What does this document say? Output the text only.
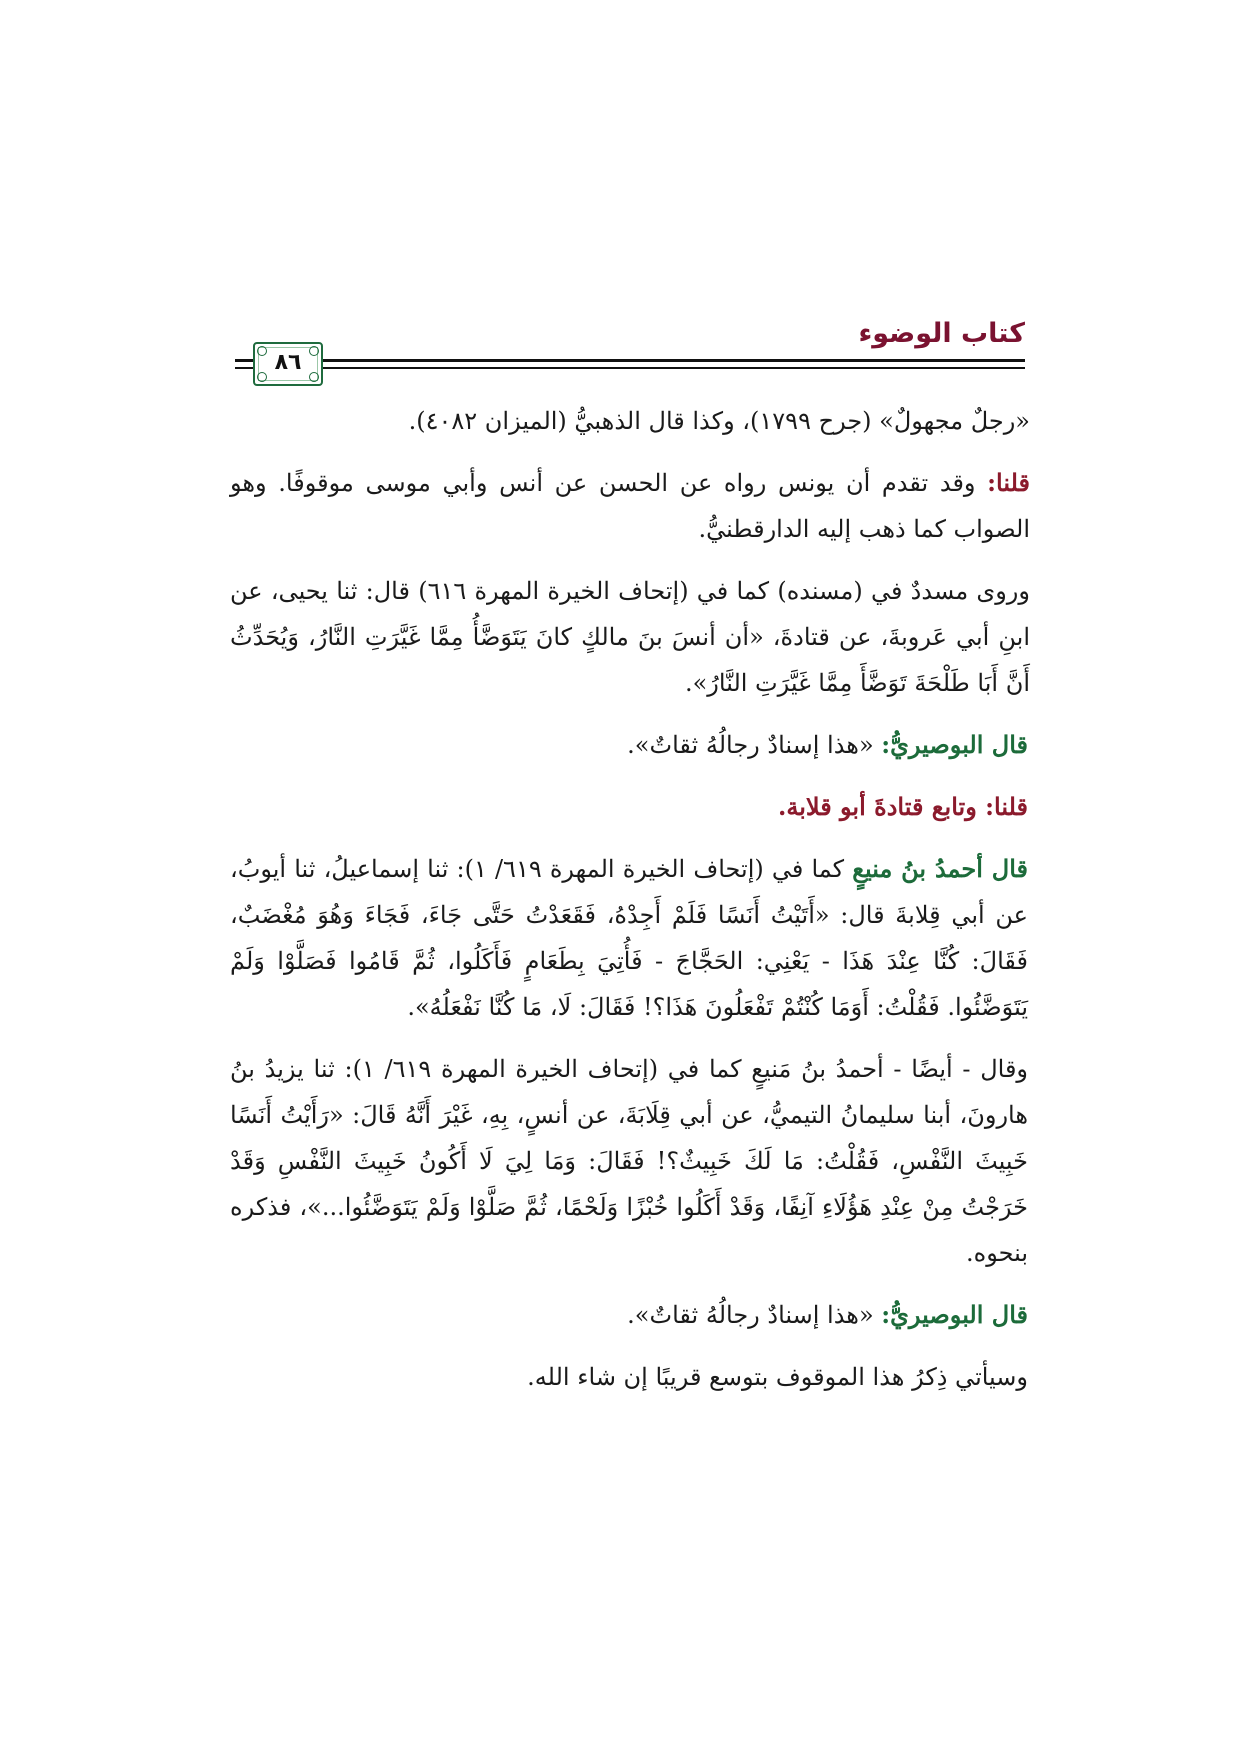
كتاب الوضوء
٨٦

«رجلٌ مجهولٌ» (جرح ١٧٩٩)، وكذا قال الذهبيُّ (الميزان ٤٠٨٢).

قلنا: وقد تقدم أن يونس رواه عن الحسن عن أنس وأبي موسى موقوفًا. وهو الصواب كما ذهب إليه الدارقطنيُّ.

وروى مسددٌ في (مسنده) كما في (إتحاف الخيرة المهرة ٦١٦) قال: ثنا يحيى، عن ابنِ أبي عَروبةَ، عن قتادةَ، «أن أنسَ بنَ مالكٍ كانَ يَتَوَضَّأُ مِمَّا غَيَّرَتِ النَّارُ، وَيُحَدِّثُ أَنَّ أَبَا طَلْحَةَ تَوَضَّأَ مِمَّا غَيَّرَتِ النَّارُ».

قال البوصيريُّ: «هذا إسنادٌ رجالُهُ ثقاتٌ».

قلنا: وتابع قتادةَ أبو قلابة.

قال أحمدُ بنُ منيعٍ كما في (إتحاف الخيرة المهرة ٦١٩/ ١): ثنا إسماعيلُ، ثنا أيوبُ، عن أبي قِلابةَ قال: «أَتَيْتُ أَنَسًا فَلَمْ أَجِدْهُ، فَقَعَدْتُ حَتَّى جَاءَ، فَجَاءَ وَهُوَ مُغْضَبٌ، فَقَالَ: كُنَّا عِنْدَ هَذَا - يَعْنِي: الحَجَّاجَ - فَأُتِيَ بِطَعَامٍ فَأَكَلُوا، ثُمَّ قَامُوا فَصَلَّوْا وَلَمْ يَتَوَضَّئُوا. فَقُلْتُ: أَوَمَا كُنْتُمْ تَفْعَلُونَ هَذَا؟! فَقَالَ: لَا، مَا كُنَّا نَفْعَلُهُ».

وقال - أيضًا - أحمدُ بنُ مَنيعٍ كما في (إتحاف الخيرة المهرة ٦١٩/ ١): ثنا يزيدُ بنُ هارونَ، أبنا سليمانُ التيميُّ، عن أبي قِلَابَةَ، عن أنسٍ، بِهِ، غَيْرَ أَنَّهُ قَالَ: «رَأَيْتُ أَنَسًا خَبِيثَ النَّفْسِ، فَقُلْتُ: مَا لَكَ خَبِيثٌ؟! فَقَالَ: وَمَا لِيَ لَا أَكُونُ خَبِيثَ النَّفْسِ وَقَدْ خَرَجْتُ مِنْ عِنْدِ هَؤُلَاءِ آنِفًا، وَقَدْ أَكَلُوا خُبْزًا وَلَحْمًا، ثُمَّ صَلَّوْا وَلَمْ يَتَوَضَّئُوا...»، فذكره بنحوه.

قال البوصيريُّ: «هذا إسنادٌ رجالُهُ ثقاتٌ».

وسيأتي ذِكرُ هذا الموقوف بتوسع قريبًا إن شاء الله.
